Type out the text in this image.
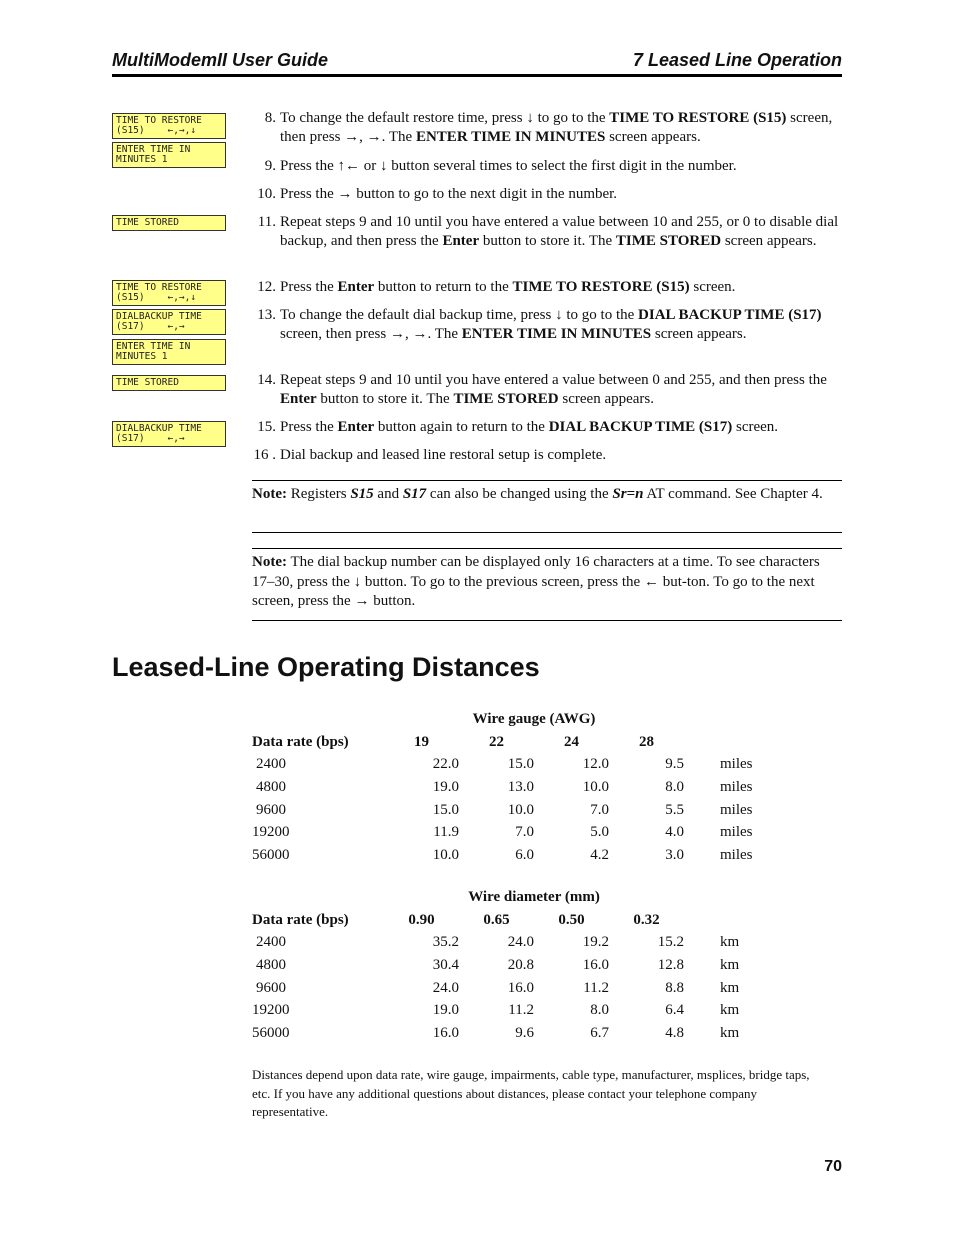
MultiModemII User Guide	7 Leased Line Operation
TIME TO RESTORE
(S15)    ←,→,↓
ENTER TIME IN
MINUTES 1
TIME STORED

TIME TO RESTORE
(S15)    ←,→,↓
DIALBACKUP TIME
(S17)    ←,→
ENTER TIME IN
MINUTES 1
TIME STORED

DIALBACKUP TIME
(S17)    ←,→
8. To change the default restore time, press ↓ to go to the TIME TO RESTORE (S15) screen, then press →, →. The ENTER TIME IN MINUTES screen appears.
9. Press the ↑← or ↓ button several times to select the first digit in the number.
10. Press the → button to go to the next digit in the number.
11. Repeat steps 9 and 10 until you have entered a value between 10 and 255, or 0 to disable dial backup, and then press the Enter button to store it. The TIME STORED screen appears.
12. Press the Enter button to return to the TIME TO RESTORE (S15) screen.
13. To change the default dial backup time, press ↓ to go to the DIAL BACKUP TIME (S17) screen, then press →, →. The ENTER TIME IN MINUTES screen appears.
14. Repeat steps 9 and 10 until you have entered a value between 0 and 255, and then press the Enter button to store it. The TIME STORED screen appears.
15. Press the Enter button again to return to the DIAL BACKUP TIME (S17) screen.
16 . Dial backup and leased line restoral setup is complete.
Note: Registers S15 and S17 can also be changed using the Sr=n AT command. See Chapter 4.
Note: The dial backup number can be displayed only 16 characters at a time. To see characters 17–30, press the ↓ button. To go to the previous screen, press the ← but-ton. To go to the next screen, press the → button.
Leased-Line Operating Distances
	Wire gauge (AWG)				
Data rate (bps)	19	22	24	28	
2400	22.0	15.0	12.0	9.5	miles
4800	19.0	13.0	10.0	8.0	miles
9600	15.0	10.0	7.0	5.5	miles
19200	11.9	7.0	5.0	4.0	miles
56000	10.0	6.0	4.2	3.0	miles
	Wire diameter (mm)				
Data rate (bps)	0.90	0.65	0.50	0.32	
2400	35.2	24.0	19.2	15.2	km
4800	30.4	20.8	16.0	12.8	km
9600	24.0	16.0	11.2	8.8	km
19200	19.0	11.2	8.0	6.4	km
56000	16.0	9.6	6.7	4.8	km
Distances depend upon data rate, wire gauge, impairments, cable type, manufacturer, msplices, bridge taps, etc. If you have any additional questions about distances, please contact your telephone company representative.
70
